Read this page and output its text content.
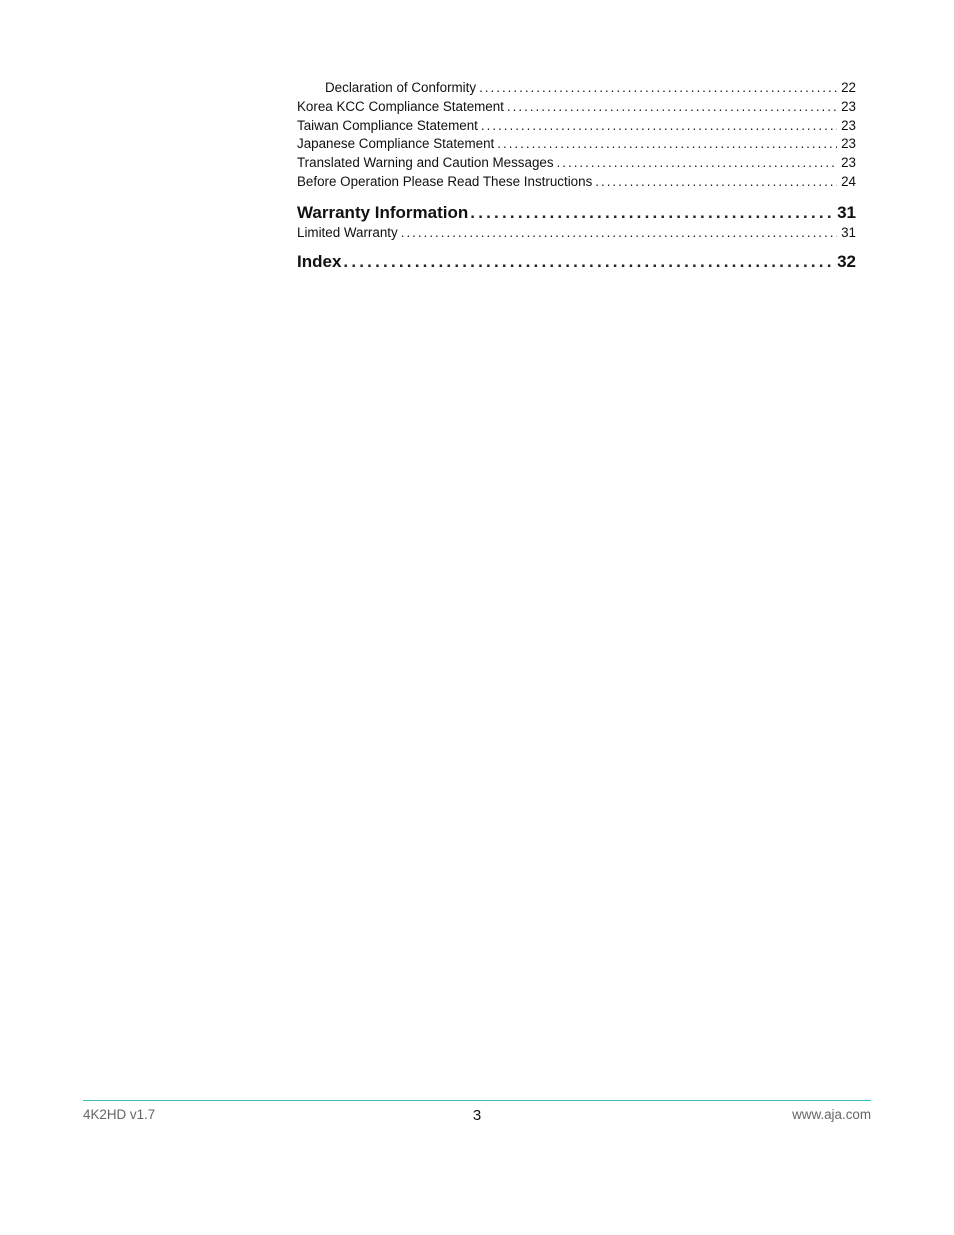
Declaration of Conformity .....	22
Korea KCC Compliance Statement .....	23
Taiwan Compliance Statement .....	23
Japanese Compliance Statement .....	23
Translated Warning and Caution Messages .....	23
Before Operation Please Read These Instructions .....	24
Warranty Information .....	31
Limited Warranty .....	31
Index .....	32
4K2HD v1.7	3	www.aja.com
